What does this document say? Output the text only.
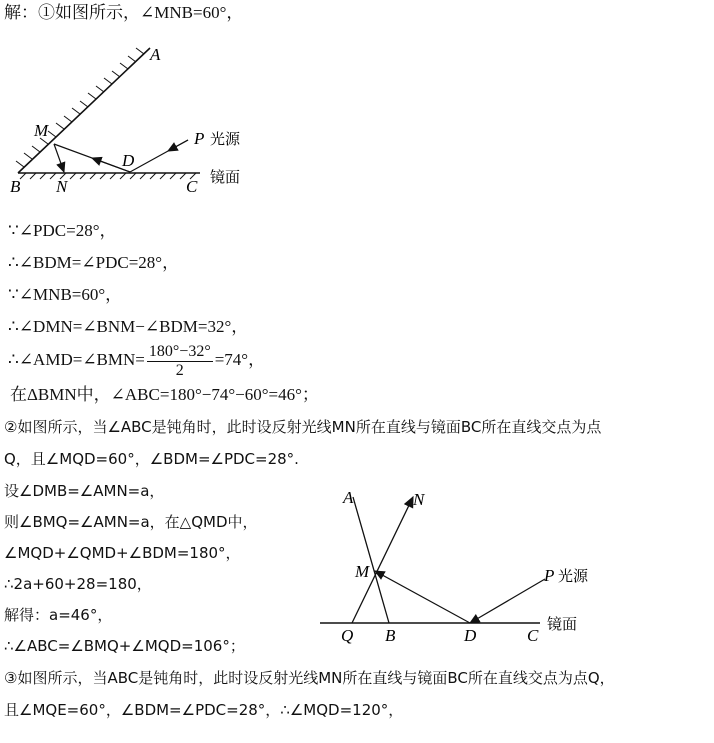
解：①如图所示，∠MNB=60°，
A
M	P 光源
D
B N	C 镜面
∵∠PDC=28°，
∴∠BDM=∠PDC=28°，
∵∠MNB=60°，
∴∠DMN=∠BNM−∠BDM=32°，
∴∠AMD=∠BMN= $\frac{180^\circ-32^\circ}{2} =74^\circ$，
在ΔBMN中，∠ABC=180°−74°−60°=46°；
②如图所示，当∠ABC是钝角时，此时设反射光线MN所在直线与镜面BC所在直线交点为点
Q，且∠MQD=60°，∠BDM=∠PDC=28°.
设∠DMB=∠AMN=a，
则∠BMQ=∠AMN=a，在△QMD中，
∠MQD+∠QMD+∠BDM=180°，
∴2a+60+28=180，
解得：a=46°，
∴∠ABC=∠BMQ+∠MQD=106°；
A	N
M	P 光源
Q B	D	C
镜面
③如图所示，当ABC是钝角时，此时设反射光线MN所在直线与镜面BC所在直线交点为点Q，
且∠MQE=60°，∠BDM=∠PDC=28°，∴∠MQD=120°，
